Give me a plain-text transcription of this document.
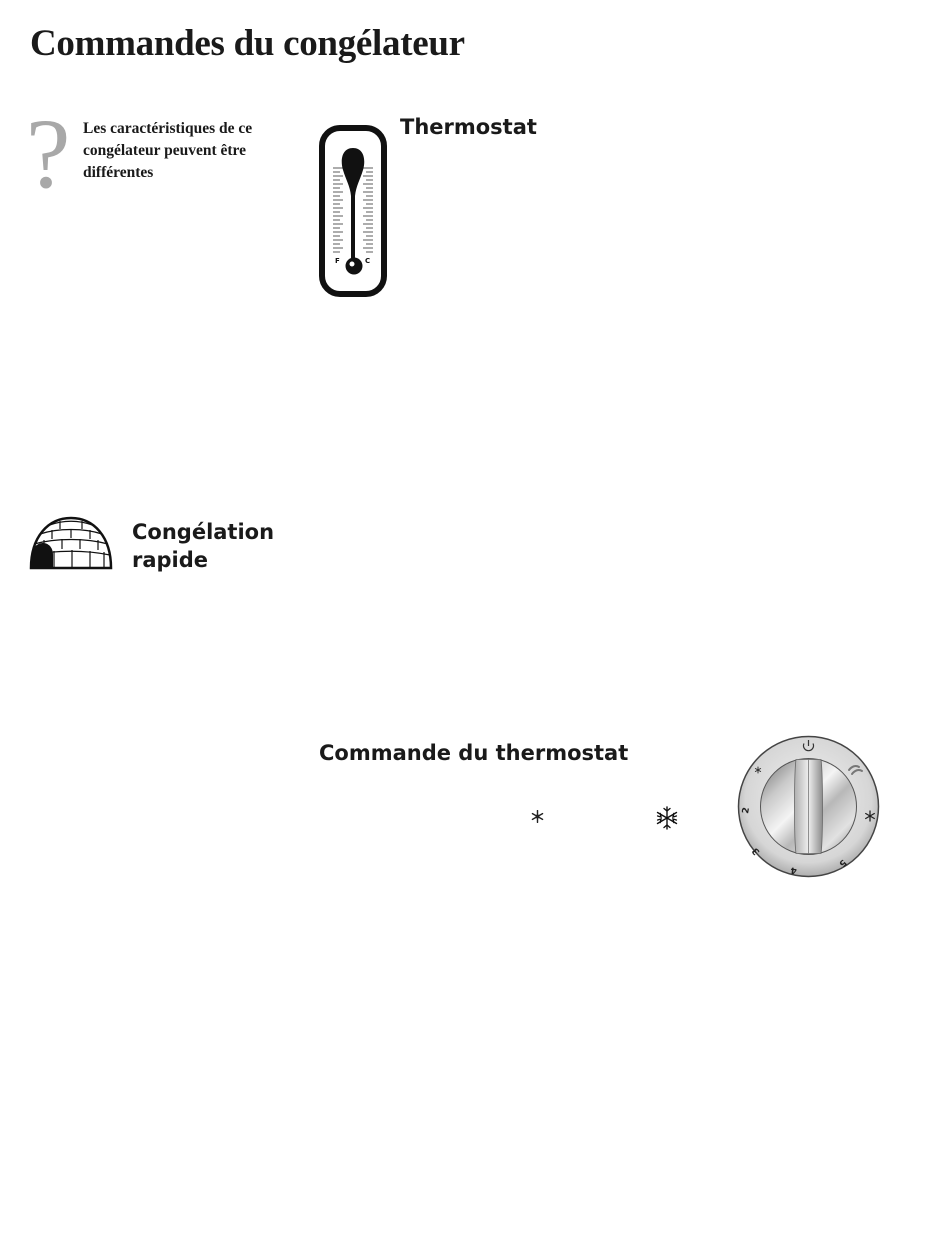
Commandes du congélateur
? Les caractéristiques de ce congélateur peuvent être différentes
F	C
Thermostat
Congélation
rapide
Commande du thermostat
2
3
4
5
